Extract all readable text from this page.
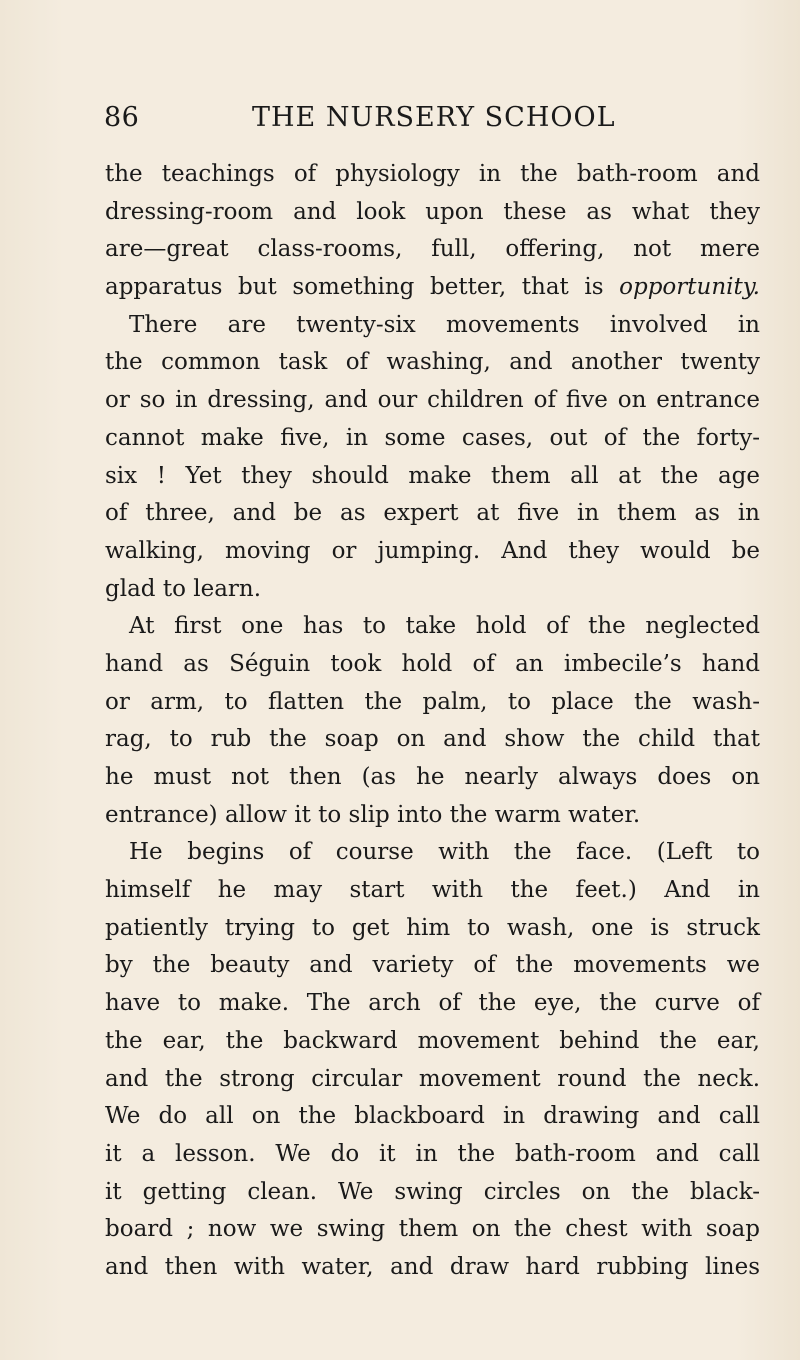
86	THE NURSERY SCHOOL
the teachings of physiology in the bath-room and
dressing-room and look upon these as what they
are—great class-rooms, full, offering, not mere
apparatus but something better, that is opportunity.
There are twenty-six movements involved in
the common task of washing, and another twenty
or so in dressing, and our children of five on entrance
cannot make five, in some cases, out of the forty-
six ! Yet they should make them all at the age
of three, and be as expert at five in them as in
walking, moving or jumping. And they would be
glad to learn.
At first one has to take hold of the neglected
hand as Séguin took hold of an imbecile’s hand
or arm, to flatten the palm, to place the wash-
rag, to rub the soap on and show the child that
he must not then (as he nearly always does on
entrance) allow it to slip into the warm water.
He begins of course with the face. (Left to
himself he may start with the feet.) And in
patiently trying to get him to wash, one is struck
by the beauty and variety of the movements we
have to make. The arch of the eye, the curve of
the ear, the backward movement behind the ear,
and the strong circular movement round the neck.
We do all on the blackboard in drawing and call
it a lesson. We do it in the bath-room and call
it getting clean. We swing circles on the black-
board ; now we swing them on the chest with soap
and then with water, and draw hard rubbing lines
